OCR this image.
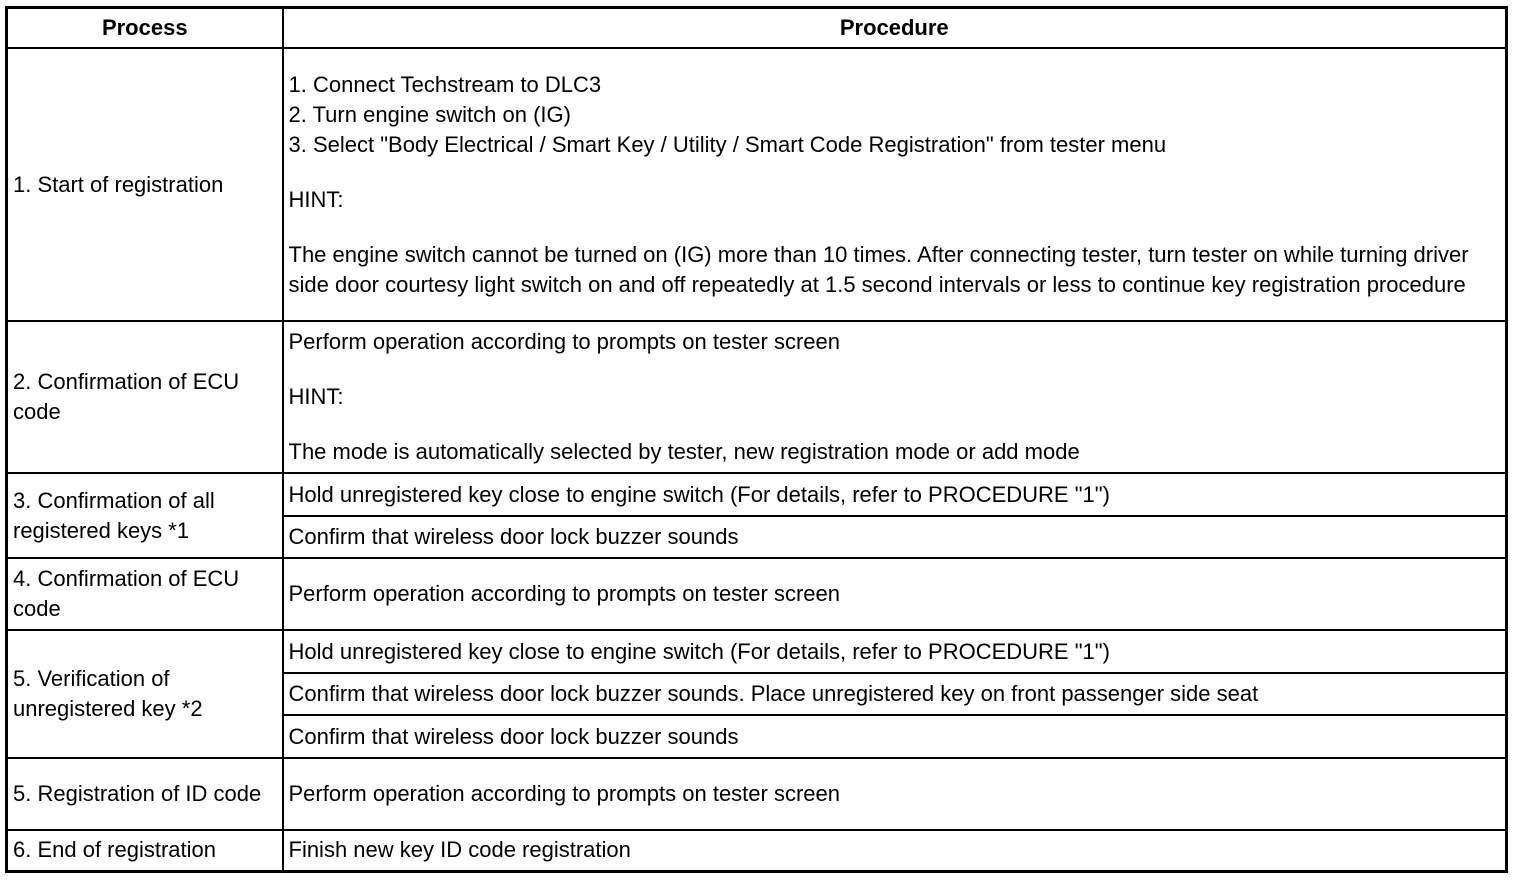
Process	Procedure
1. Start of registration	1. Connect Techstream to DLC3
2. Turn engine switch on (IG)
3. Select "Body Electrical / Smart Key / Utility / Smart Code Registration" from tester menu
HINT:
The engine switch cannot be turned on (IG) more than 10 times. After connecting tester, turn tester on while turning driver side door courtesy light switch on and off repeatedly at 1.5 second intervals or less to continue key registration procedure

2. Confirmation of ECU code	Perform operation according to prompts on tester screen
HINT:
The mode is automatically selected by tester, new registration mode or add mode

3. Confirmation of all registered keys *1	Hold unregistered key close to engine switch (For details, refer to PROCEDURE "1")
	Confirm that wireless door lock buzzer sounds
4. Confirmation of ECU code	Perform operation according to prompts on tester screen
5. Verification of unregistered key *2	Hold unregistered key close to engine switch (For details, refer to PROCEDURE "1")
	Confirm that wireless door lock buzzer sounds. Place unregistered key on front passenger side seat
	Confirm that wireless door lock buzzer sounds
5. Registration of ID code	Perform operation according to prompts on tester screen
6. End of registration	Finish new key ID code registration
